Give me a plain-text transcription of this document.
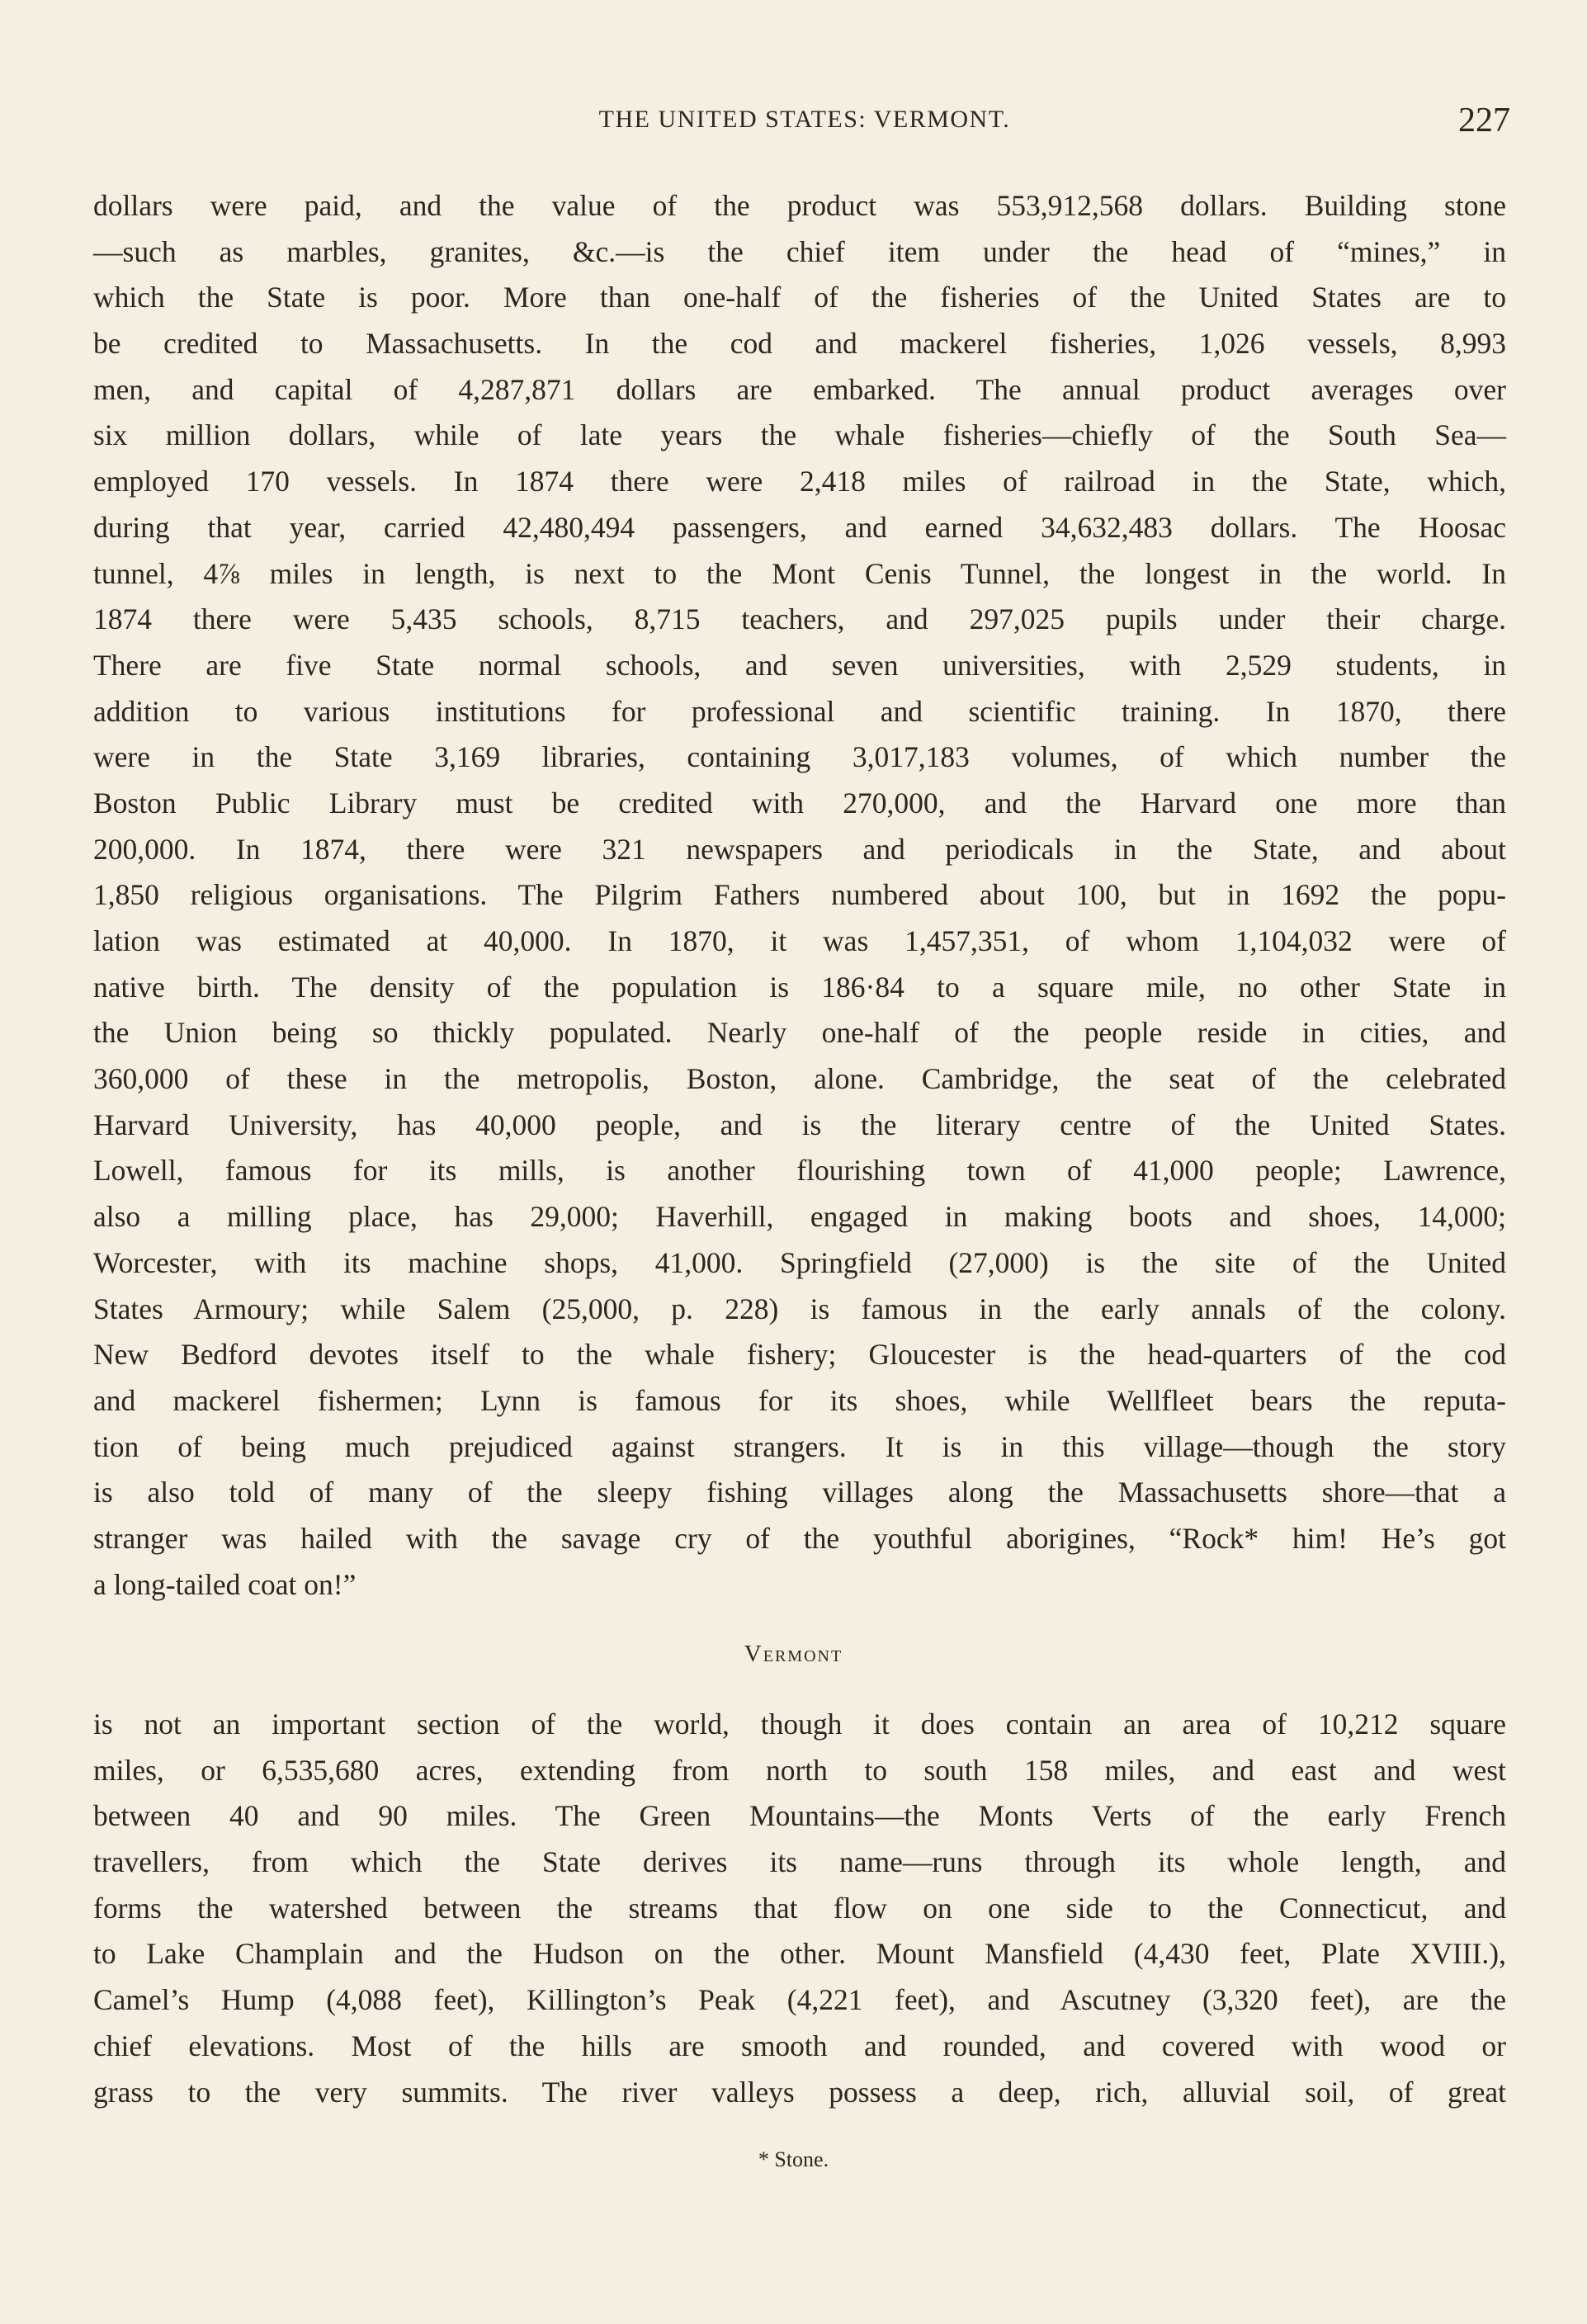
THE UNITED STATES: VERMONT.	227
dollars were paid, and the value of the product was 553,912,568 dollars. Building stone
—such as marbles, granites, &c.—is the chief item under the head of “mines,” in
which the State is poor. More than one-half of the fisheries of the United States are to
be credited to Massachusetts. In the cod and mackerel fisheries, 1,026 vessels, 8,993
men, and capital of 4,287,871 dollars are embarked. The annual product averages over
six million dollars, while of late years the whale fisheries—chiefly of the South Sea—
employed 170 vessels. In 1874 there were 2,418 miles of railroad in the State, which,
during that year, carried 42,480,494 passengers, and earned 34,632,483 dollars. The Hoosac
tunnel, 4⅞ miles in length, is next to the Mont Cenis Tunnel, the longest in the world. In
1874 there were 5,435 schools, 8,715 teachers, and 297,025 pupils under their charge.
There are five State normal schools, and seven universities, with 2,529 students, in
addition to various institutions for professional and scientific training. In 1870, there
were in the State 3,169 libraries, containing 3,017,183 volumes, of which number the
Boston Public Library must be credited with 270,000, and the Harvard one more than
200,000. In 1874, there were 321 newspapers and periodicals in the State, and about
1,850 religious organisations. The Pilgrim Fathers numbered about 100, but in 1692 the popu-
lation was estimated at 40,000. In 1870, it was 1,457,351, of whom 1,104,032 were of
native birth. The density of the population is 186·84 to a square mile, no other State in
the Union being so thickly populated. Nearly one-half of the people reside in cities, and
360,000 of these in the metropolis, Boston, alone. Cambridge, the seat of the celebrated
Harvard University, has 40,000 people, and is the literary centre of the United States.
Lowell, famous for its mills, is another flourishing town of 41,000 people; Lawrence,
also a milling place, has 29,000; Haverhill, engaged in making boots and shoes, 14,000;
Worcester, with its machine shops, 41,000. Springfield (27,000) is the site of the United
States Armoury; while Salem (25,000, p. 228) is famous in the early annals of the colony.
New Bedford devotes itself to the whale fishery; Gloucester is the head-quarters of the cod
and mackerel fishermen; Lynn is famous for its shoes, while Wellfleet bears the reputa-
tion of being much prejudiced against strangers. It is in this village—though the story
is also told of many of the sleepy fishing villages along the Massachusetts shore—that a
stranger was hailed with the savage cry of the youthful aborigines, “Rock* him! He’s got
a long-tailed coat on!”
Vermont
is not an important section of the world, though it does contain an area of 10,212 square
miles, or 6,535,680 acres, extending from north to south 158 miles, and east and west
between 40 and 90 miles. The Green Mountains—the Monts Verts of the early French
travellers, from which the State derives its name—runs through its whole length, and
forms the watershed between the streams that flow on one side to the Connecticut, and
to Lake Champlain and the Hudson on the other. Mount Mansfield (4,430 feet, Plate XVIII.),
Camel’s Hump (4,088 feet), Killington’s Peak (4,221 feet), and Ascutney (3,320 feet), are the
chief elevations. Most of the hills are smooth and rounded, and covered with wood or
grass to the very summits. The river valleys possess a deep, rich, alluvial soil, of great
* Stone.
